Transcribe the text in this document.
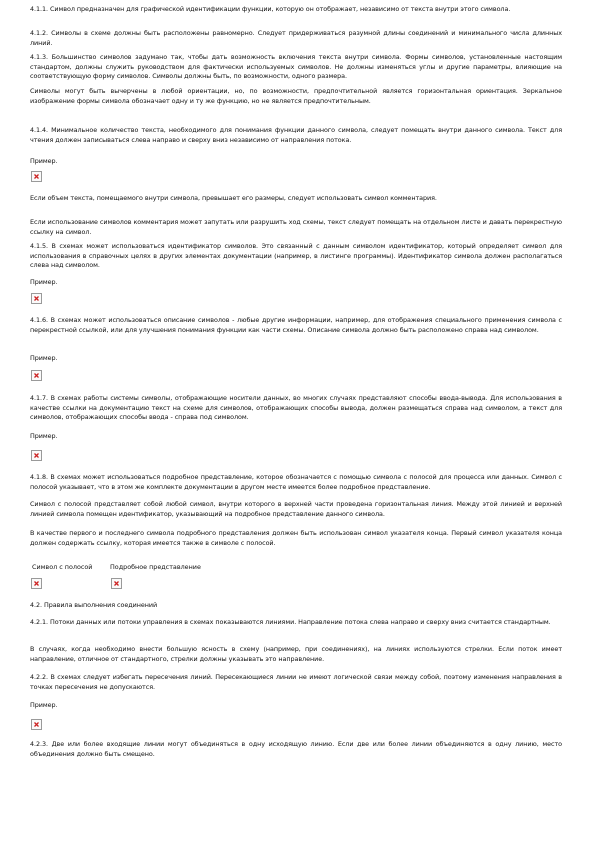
4.1.1. Символ предназначен для графической идентификации функции, которую он отображает, независимо от текста внутри этого символа.

4.1.2. Символы в схеме должны быть расположены равномерно. Следует придерживаться разумной длины соединений и минимального числа длинных линий.

4.1.3. Большинство символов задумано так, чтобы дать возможность включения текста внутри символа. Формы символов, установленные настоящим стандартом, должны служить руководством для фактически используемых символов. Не должны изменяться углы и другие параметры, влияющие на соответствующую форму символов. Символы должны быть, по возможности, одного размера.

Символы могут быть вычерчены в любой ориентации, но, по возможности, предпочтительной является горизонтальная ориентация. Зеркальное изображение формы символа обозначает одну и ту же функцию, но не является предпочтительным.

4.1.4. Минимальное количество текста, необходимого для понимания функции данного символа, следует помещать внутри данного символа. Текст для чтения должен записываться слева направо и сверху вниз независимо от направления потока.

Пример.

Если объем текста, помещаемого внутри символа, превышает его размеры, следует использовать символ комментария.

Если использование символов комментария может запутать или разрушить ход схемы, текст следует помещать на отдельном листе и давать перекрестную ссылку на символ.

4.1.5. В схемах может использоваться идентификатор символов. Это связанный с данным символом идентификатор, который определяет символ для использования в справочных целях в других элементах документации (например, в листинге программы). Идентификатор символа должен располагаться слева над символом.

Пример.

4.1.6. В схемах может использоваться описание символов - любые другие информации, например, для отображения специального применения символа с перекрестной ссылкой, или для улучшения понимания функции как части схемы. Описание символа должно быть расположено справа над символом.

Пример.

4.1.7. В схемах работы системы символы, отображающие носители данных, во многих случаях представляют способы ввода-вывода. Для использования в качестве ссылки на документацию текст на схеме для символов, отображающих способы вывода, должен размещаться справа над символом, а текст для символов, отображающих способы ввода - справа под символом.

Пример.

4.1.8. В схемах может использоваться подробное представление, которое обозначается с помощью символа с полосой для процесса или данных. Символ с полосой указывает, что в этом же комплекте документации в другом месте имеется более подробное представление.

Символ с полосой представляет собой любой символ, внутри которого в верхней части проведена горизонтальная линия. Между этой линией и верхней линией символа помещен идентификатор, указывающий на подробное представление данного символа.

В качестве первого и последнего символа подробного представления должен быть использован символ указателя конца. Первый символ указателя конца должен содержать ссылку, которая имеется также в символе с полосой.

Символ с полосой	Подробное представление

4.2. Правила выполнения соединений

4.2.1. Потоки данных или потоки управления в схемах показываются линиями. Направление потока слева направо и сверху вниз считается стандартным.

В случаях, когда необходимо внести большую ясность в схему (например, при соединениях), на линиях используются стрелки. Если поток имеет направление, отличное от стандартного, стрелки должны указывать это направление.

4.2.2. В схемах следует избегать пересечения линий. Пересекающиеся линии не имеют логической связи между собой, поэтому изменения направления в точках пересечения не допускаются.

Пример.

4.2.3. Две или более входящие линии могут объединяться в одну исходящую линию. Если две или более линии объединяются в одну линию, место объединения должно быть смещено.
